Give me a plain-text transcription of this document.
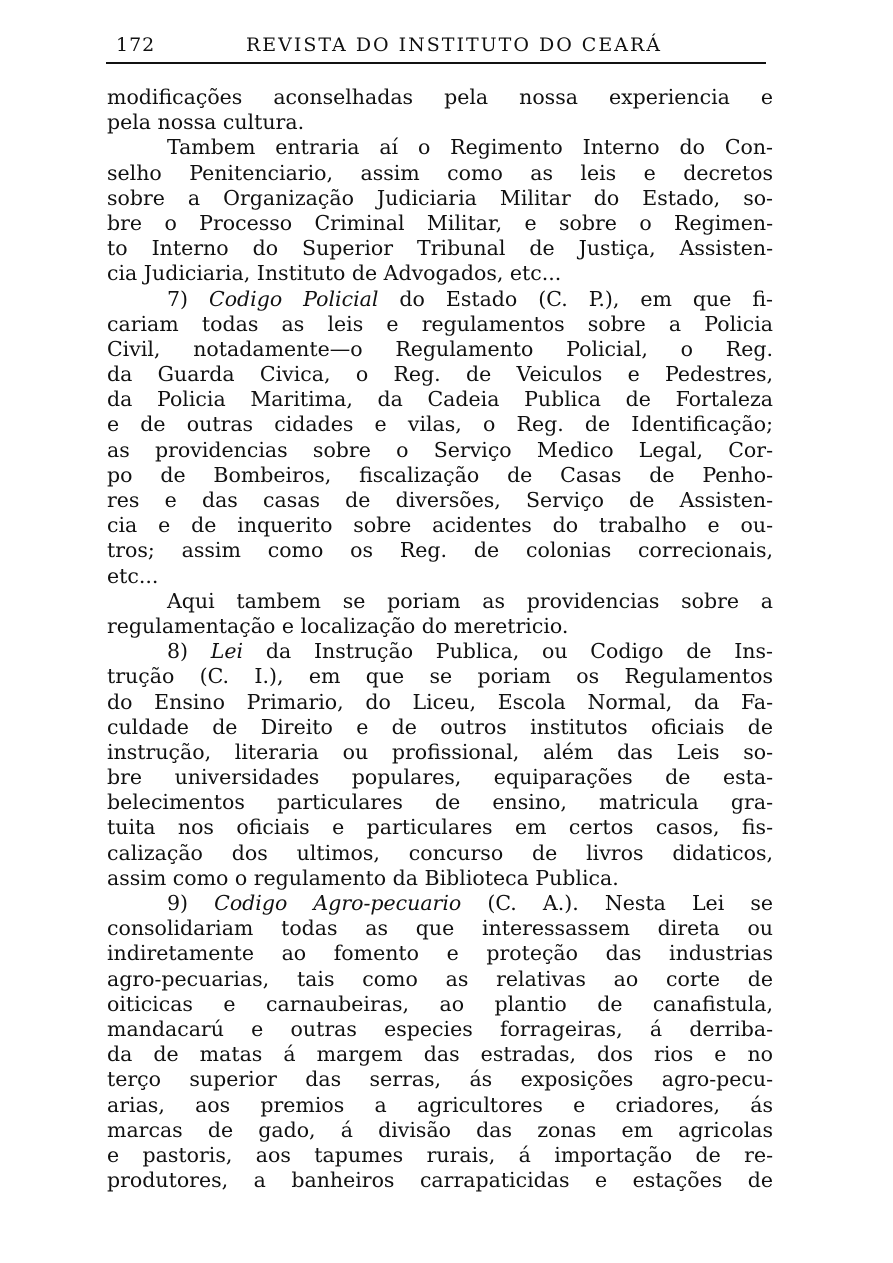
172	REVISTA DO INSTITUTO DO CEARÁ
modificações aconselhadas pela nossa experiencia e
pela nossa cultura.
Tambem entraria aí o Regimento Interno do Con-
selho Penitenciario, assim como as leis e decretos
sobre a Organização Judiciaria Militar do Estado, so-
bre o Processo Criminal Militar, e sobre o Regimen-
to Interno do Superior Tribunal de Justiça, Assisten-
cia Judiciaria, Instituto de Advogados, etc...
7) Codigo Policial do Estado (C. P.), em que fi-
cariam todas as leis e regulamentos sobre a Policia
Civil, notadamente—o Regulamento Policial, o Reg.
da Guarda Civica, o Reg. de Veiculos e Pedestres,
da Policia Maritima, da Cadeia Publica de Fortaleza
e de outras cidades e vilas, o Reg. de Identificação;
as providencias sobre o Serviço Medico Legal, Cor-
po de Bombeiros, fiscalização de Casas de Penho-
res e das casas de diversões, Serviço de Assisten-
cia e de inquerito sobre acidentes do trabalho e ou-
tros; assim como os Reg. de colonias correcionais,
etc...
Aqui tambem se poriam as providencias sobre a
regulamentação e localização do meretricio.
8) Lei da Instrução Publica, ou Codigo de Ins-
trução (C. I.), em que se poriam os Regulamentos
do Ensino Primario, do Liceu, Escola Normal, da Fa-
culdade de Direito e de outros institutos oficiais de
instrução, literaria ou profissional, além das Leis so-
bre universidades populares, equiparações de esta-
belecimentos particulares de ensino, matricula gra-
tuita nos oficiais e particulares em certos casos, fis-
calização dos ultimos, concurso de livros didaticos,
assim como o regulamento da Biblioteca Publica.
9) Codigo Agro-pecuario (C. A.). Nesta Lei se
consolidariam todas as que interessassem direta ou
indiretamente ao fomento e proteção das industrias
agro-pecuarias, tais como as relativas ao corte de
oiticicas e carnaubeiras, ao plantio de canafistula,
mandacarú e outras especies forrageiras, á derriba-
da de matas á margem das estradas, dos rios e no
terço superior das serras, ás exposições agro-pecu-
arias, aos premios a agricultores e criadores, ás
marcas de gado, á divisão das zonas em agricolas
e pastoris, aos tapumes rurais, á importação de re-
produtores, a banheiros carrapaticidas e estações de
